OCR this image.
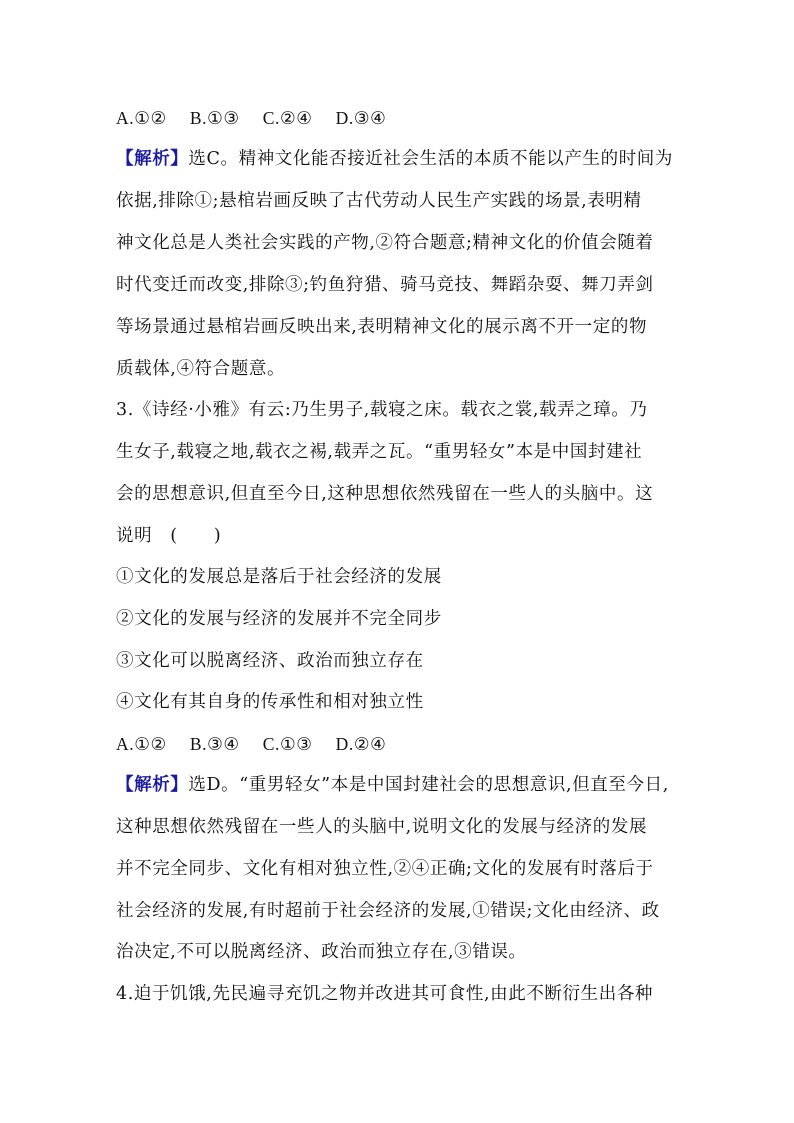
A.①②　 B.①③　 C.②④　 D.③④
【解析】选C。精神文化能否接近社会生活的本质不能以产生的时间为
依据,排除①;悬棺岩画反映了古代劳动人民生产实践的场景,表明精
神文化总是人类社会实践的产物,②符合题意;精神文化的价值会随着
时代变迁而改变,排除③;钓鱼狩猎、骑马竞技、舞蹈杂耍、舞刀弄剑
等场景通过悬棺岩画反映出来,表明精神文化的展示离不开一定的物
质载体,④符合题意。
3.《诗经·小雅》有云:乃生男子,载寝之床。载衣之裳,载弄之璋。乃
生女子,载寝之地,载衣之裼,载弄之瓦。“重男轻女”本是中国封建社
会的思想意识,但直至今日,这种思想依然残留在一些人的头脑中。这
说明　(　　)
①文化的发展总是落后于社会经济的发展
②文化的发展与经济的发展并不完全同步
③文化可以脱离经济、政治而独立存在
④文化有其自身的传承性和相对独立性
A.①②　 B.③④　 C.①③　 D.②④
【解析】选D。“重男轻女”本是中国封建社会的思想意识,但直至今日,
这种思想依然残留在一些人的头脑中,说明文化的发展与经济的发展
并不完全同步、文化有相对独立性,②④正确;文化的发展有时落后于
社会经济的发展,有时超前于社会经济的发展,①错误;文化由经济、政
治决定,不可以脱离经济、政治而独立存在,③错误。
4.迫于饥饿,先民遍寻充饥之物并改进其可食性,由此不断衍生出各种
